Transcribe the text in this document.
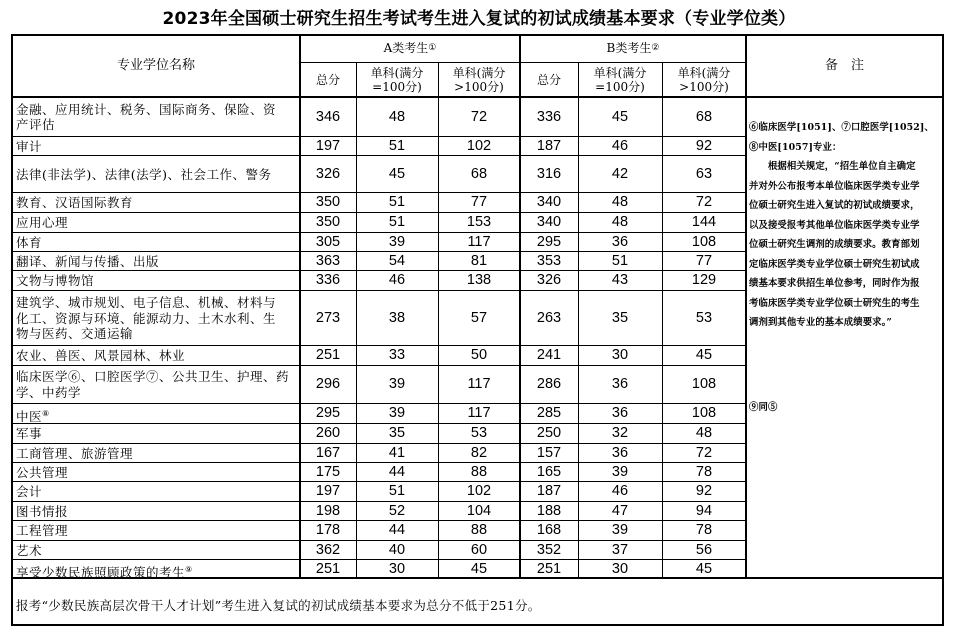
2023年全国硕士研究生招生考试考生进入复试的初试成绩基本要求（专业学位类）
专业学位名称
A类考生 ①	B类考生 ②
总分	单科(满分
=100分)
单科(满分
>100分)	总分	单科(满分
=100分)
单科(满分
>100分)
备　注
金融、应用统计、税务、国际商务、保险、资
产评估
346	48	72	336	45	68
审计	197	51	102	187	46	92
法律(非法学)、法律(法学)、社会工作、警务	326	45	68	316	42	63
教育、汉语国际教育	350	51	77	340	48	72
应用心理	350	51	153	340	48	144
体育	305	39	117	295	36	108
翻译、新闻与传播、出版	363	54	81	353	51	77
文物与博物馆	336	46	138	326	43	129
建筑学、城市规划、电子信息、机械、材料与
化工、资源与环境、能源动力、土木水利、生
物与医药、交通运输
273	38	57	263	35	53
农业、兽医、风景园林、林业	251	33	50	241	30	45
临床医学⑥、口腔医学⑦、公共卫生、护理、药
学、中药学
296	39	117	286	36	108
中医⑧	295	39	117	285	36	108
军事	260	35	53	250	32	48
工商管理、旅游管理	167	41	82	157	36	72
公共管理	175	44	88	165	39	78
会计	197	51	102	187	46	92
图书情报	198	52	104	188	47	94
工程管理	178	44	88	168	39	78
艺术	362	40	60	352	37	56
享受少数民族照顾政策的考生⑨	251	30	45	251	30	45
⑥临床医学[1051]、⑦口腔医学[1052]、
⑧中医[1057]专业：
　　根据相关规定，“招生单位自主确定
并对外公布报考本单位临床医学类专业学
位硕士研究生进入复试的初试成绩要求，
以及接受报考其他单位临床医学类专业学
位硕士研究生调剂的成绩要求。教育部划
定临床医学类专业学位硕士研究生初试成
绩基本要求供招生单位参考，同时作为报
考临床医学类专业学位硕士研究生的考生
调剂到其他专业的基本成绩要求。”
⑨同⑤
报考“少数民族高层次骨干人才计划”考生进入复试的初试成绩基本要求为总分不低于251分。
